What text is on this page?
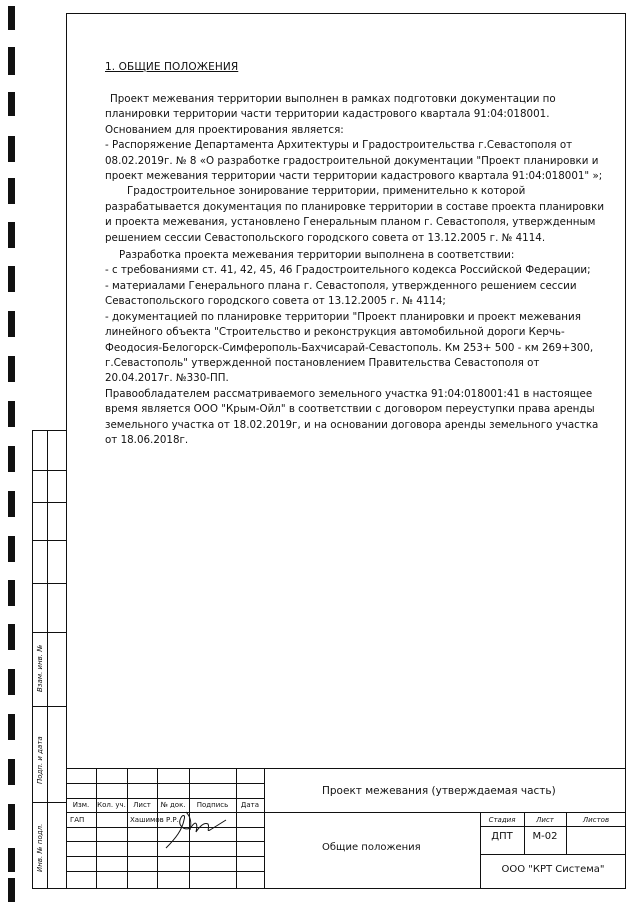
Взам. инв. №
Подп. и дата
Инв. № подл.
1. ОБЩИЕ ПОЛОЖЕНИЯ

Проект межевания территории выполнен в рамках подготовки документации по планировки территории части территории кадастрового квартала 91:04:018001. Основанием для проектирования является:

- Распоряжение Департамента Архитектуры и Градостроительства г.Севастополя от 08.02.2019г. № 8 «О разработке градостроительной документации "Проект планировки и проект межевания территории части территории кадастрового квартала 91:04:018001" »;

Градостроительное зонирование территории, применительно к которой разрабатывается документация по планировке территории в составе проекта планировки и проекта межевания, установлено Генеральным планом г. Севастополя, утвержденным решением сессии Севастопольского городского совета от 13.12.2005 г. № 4114.

Разработка проекта межевания территории выполнена в соответствии:

- с требованиями ст. 41, 42, 45, 46 Градостроительного кодекса Российской Федерации;

- материалами Генерального плана г. Севастополя, утвержденного решением сессии Севастопольского городского совета от 13.12.2005 г. № 4114;

- документацией по планировке территории "Проект планировки и проект межевания линейного объекта "Строительство и реконструкция автомобильной дороги Керчь-Феодосия-Белогорск-Симферополь-Бахчисарай-Севастополь. Км 253+ 500 - км 269+300, г.Севастополь" утвержденной постановлением Правительства Севастополя от 20.04.2017г. №330-ПП.

Правообладателем рассматриваемого земельного участка 91:04:018001:41 в настоящее время является ООО "Крым-Ойл" в соответствии с договором переуступки права аренды земельного участка от 18.02.2019г, и на основании договора аренды земельного участка от 18.06.2018г.

Изм.	Кол. уч.	Лист	№ док.	Подпись	Дата
ГАП	Хашимов Р.Р.
Проект межевания (утверждаемая часть)
Общие положения
Стадия	Лист	Листов
ДПТ	М-02
ООО "КРТ Система"
